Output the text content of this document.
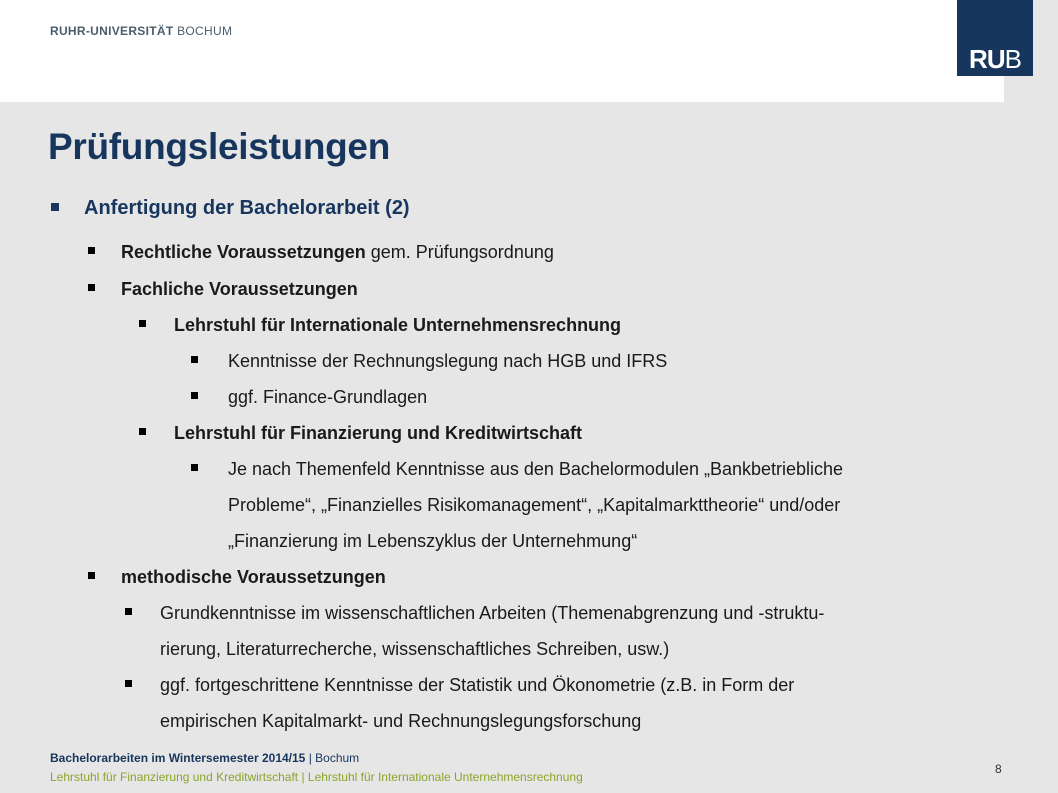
RUHR-UNIVERSITÄT BOCHUM
RUB
Prüfungsleistungen
Anfertigung der Bachelorarbeit (2)
Rechtliche Voraussetzungen gem. Prüfungsordnung
Fachliche Voraussetzungen
Lehrstuhl für Internationale Unternehmensrechnung
Kenntnisse der Rechnungslegung nach HGB und IFRS
ggf. Finance-Grundlagen
Lehrstuhl für Finanzierung und Kreditwirtschaft
Je nach Themenfeld Kenntnisse aus den Bachelormodulen „Bankbetriebliche
Probleme“, „Finanzielles Risikomanagement“, „Kapitalmarkttheorie“ und/oder
„Finanzierung im Lebenszyklus der Unternehmung“
methodische Voraussetzungen
Grundkenntnisse im wissenschaftlichen Arbeiten (Themenabgrenzung und -struktu-
rierung, Literaturrecherche, wissenschaftliches Schreiben, usw.)
ggf. fortgeschrittene Kenntnisse der Statistik und Ökonometrie (z.B. in Form der
empirischen Kapitalmarkt- und Rechnungslegungsforschung
Bachelorarbeiten im Wintersemester 2014/15 | Bochum
Lehrstuhl für Finanzierung und Kreditwirtschaft | Lehrstuhl für Internationale Unternehmensrechnung
8
